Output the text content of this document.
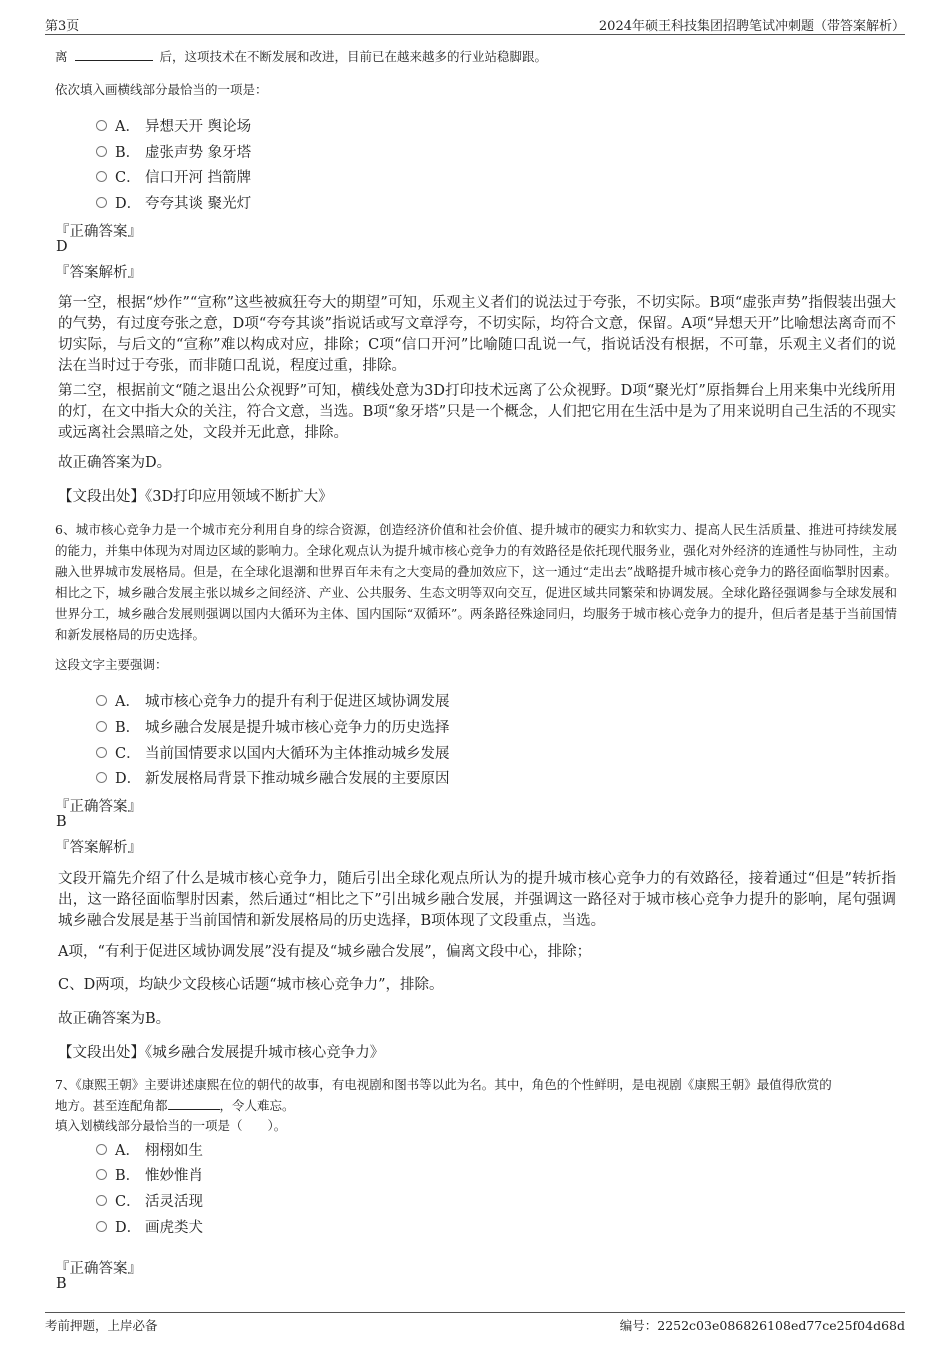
第3页	2024年硕王科技集团招聘笔试冲刺题（带答案解析）
离	后，这项技术在不断发展和改进，目前已在越来越多的行业站稳脚跟。
依次填入画横线部分最恰当的一项是：
A． 异想天开 舆论场
B． 虚张声势 象牙塔
C． 信口开河 挡箭牌
D． 夸夸其谈 聚光灯
『正确答案』
D
『答案解析』
第一空，根据“炒作”“宣称”这些被疯狂夸大的期望”可知，乐观主义者们的说法过于夸张，不切实际。B项“虚张声势”指假装出强大的气势，有过度夸张之意，D项“夸夸其谈”指说话或写文章浮夸，不切实际，均符合文意，保留。A项“异想天开”比喻想法离奇而不切实际，与后文的“宣称”难以构成对应，排除；C项“信口开河”比喻随口乱说一气，指说话没有根据，不可靠，乐观主义者们的说法在当时过于夸张，而非随口乱说，程度过重，排除。
第二空，根据前文“随之退出公众视野”可知，横线处意为3D打印技术远离了公众视野。D项“聚光灯”原指舞台上用来集中光线所用的灯，在文中指大众的关注，符合文意，当选。B项“象牙塔”只是一个概念，人们把它用在生活中是为了用来说明自己生活的不现实或远离社会黑暗之处，文段并无此意，排除。
故正确答案为D。
【文段出处】《3D打印应用领域不断扩大》
6、城市核心竞争力是一个城市充分利用自身的综合资源，创造经济价值和社会价值、提升城市的硬实力和软实力、提高人民生活质量、推进可持续发展的能力，并集中体现为对周边区域的影响力。全球化观点认为提升城市核心竞争力的有效路径是依托现代服务业，强化对外经济的连通性与协同性，主动融入世界城市发展格局。但是，在全球化退潮和世界百年未有之大变局的叠加效应下，这一通过“走出去”战略提升城市核心竞争力的路径面临掣肘因素。相比之下，城乡融合发展主张以城乡之间经济、产业、公共服务、生态文明等双向交互，促进区域共同繁荣和协调发展。全球化路径强调参与全球发展和世界分工，城乡融合发展则强调以国内大循环为主体、国内国际“双循环”。两条路径殊途同归，均服务于城市核心竞争力的提升，但后者是基于当前国情和新发展格局的历史选择。
这段文字主要强调：
A． 城市核心竞争力的提升有利于促进区域协调发展
B． 城乡融合发展是提升城市核心竞争力的历史选择
C． 当前国情要求以国内大循环为主体推动城乡发展
D． 新发展格局背景下推动城乡融合发展的主要原因
『正确答案』
B
『答案解析』
文段开篇先介绍了什么是城市核心竞争力，随后引出全球化观点所认为的提升城市核心竞争力的有效路径，接着通过“但是”转折指出，这一路径面临掣肘因素，然后通过“相比之下”引出城乡融合发展，并强调这一路径对于城市核心竞争力提升的影响，尾句强调城乡融合发展是基于当前国情和新发展格局的历史选择，B项体现了文段重点，当选。
A项，“有利于促进区域协调发展”没有提及“城乡融合发展”，偏离文段中心，排除；
C、D两项，均缺少文段核心话题“城市核心竞争力”，排除。
故正确答案为B。
【文段出处】《城乡融合发展提升城市核心竞争力》
7、《康熙王朝》主要讲述康熙在位的朝代的故事，有电视剧和图书等以此为名。其中，角色的个性鲜明，是电视剧《康熙王朝》最值得欣赏的
地方。甚至连配角都	，令人难忘。
填入划横线部分最恰当的一项是（　　）。
A． 栩栩如生
B． 惟妙惟肖
C． 活灵活现
D． 画虎类犬
『正确答案』
B
考前押题，上岸必备	编号：2252c03e086826108ed77ce25f04d68d
